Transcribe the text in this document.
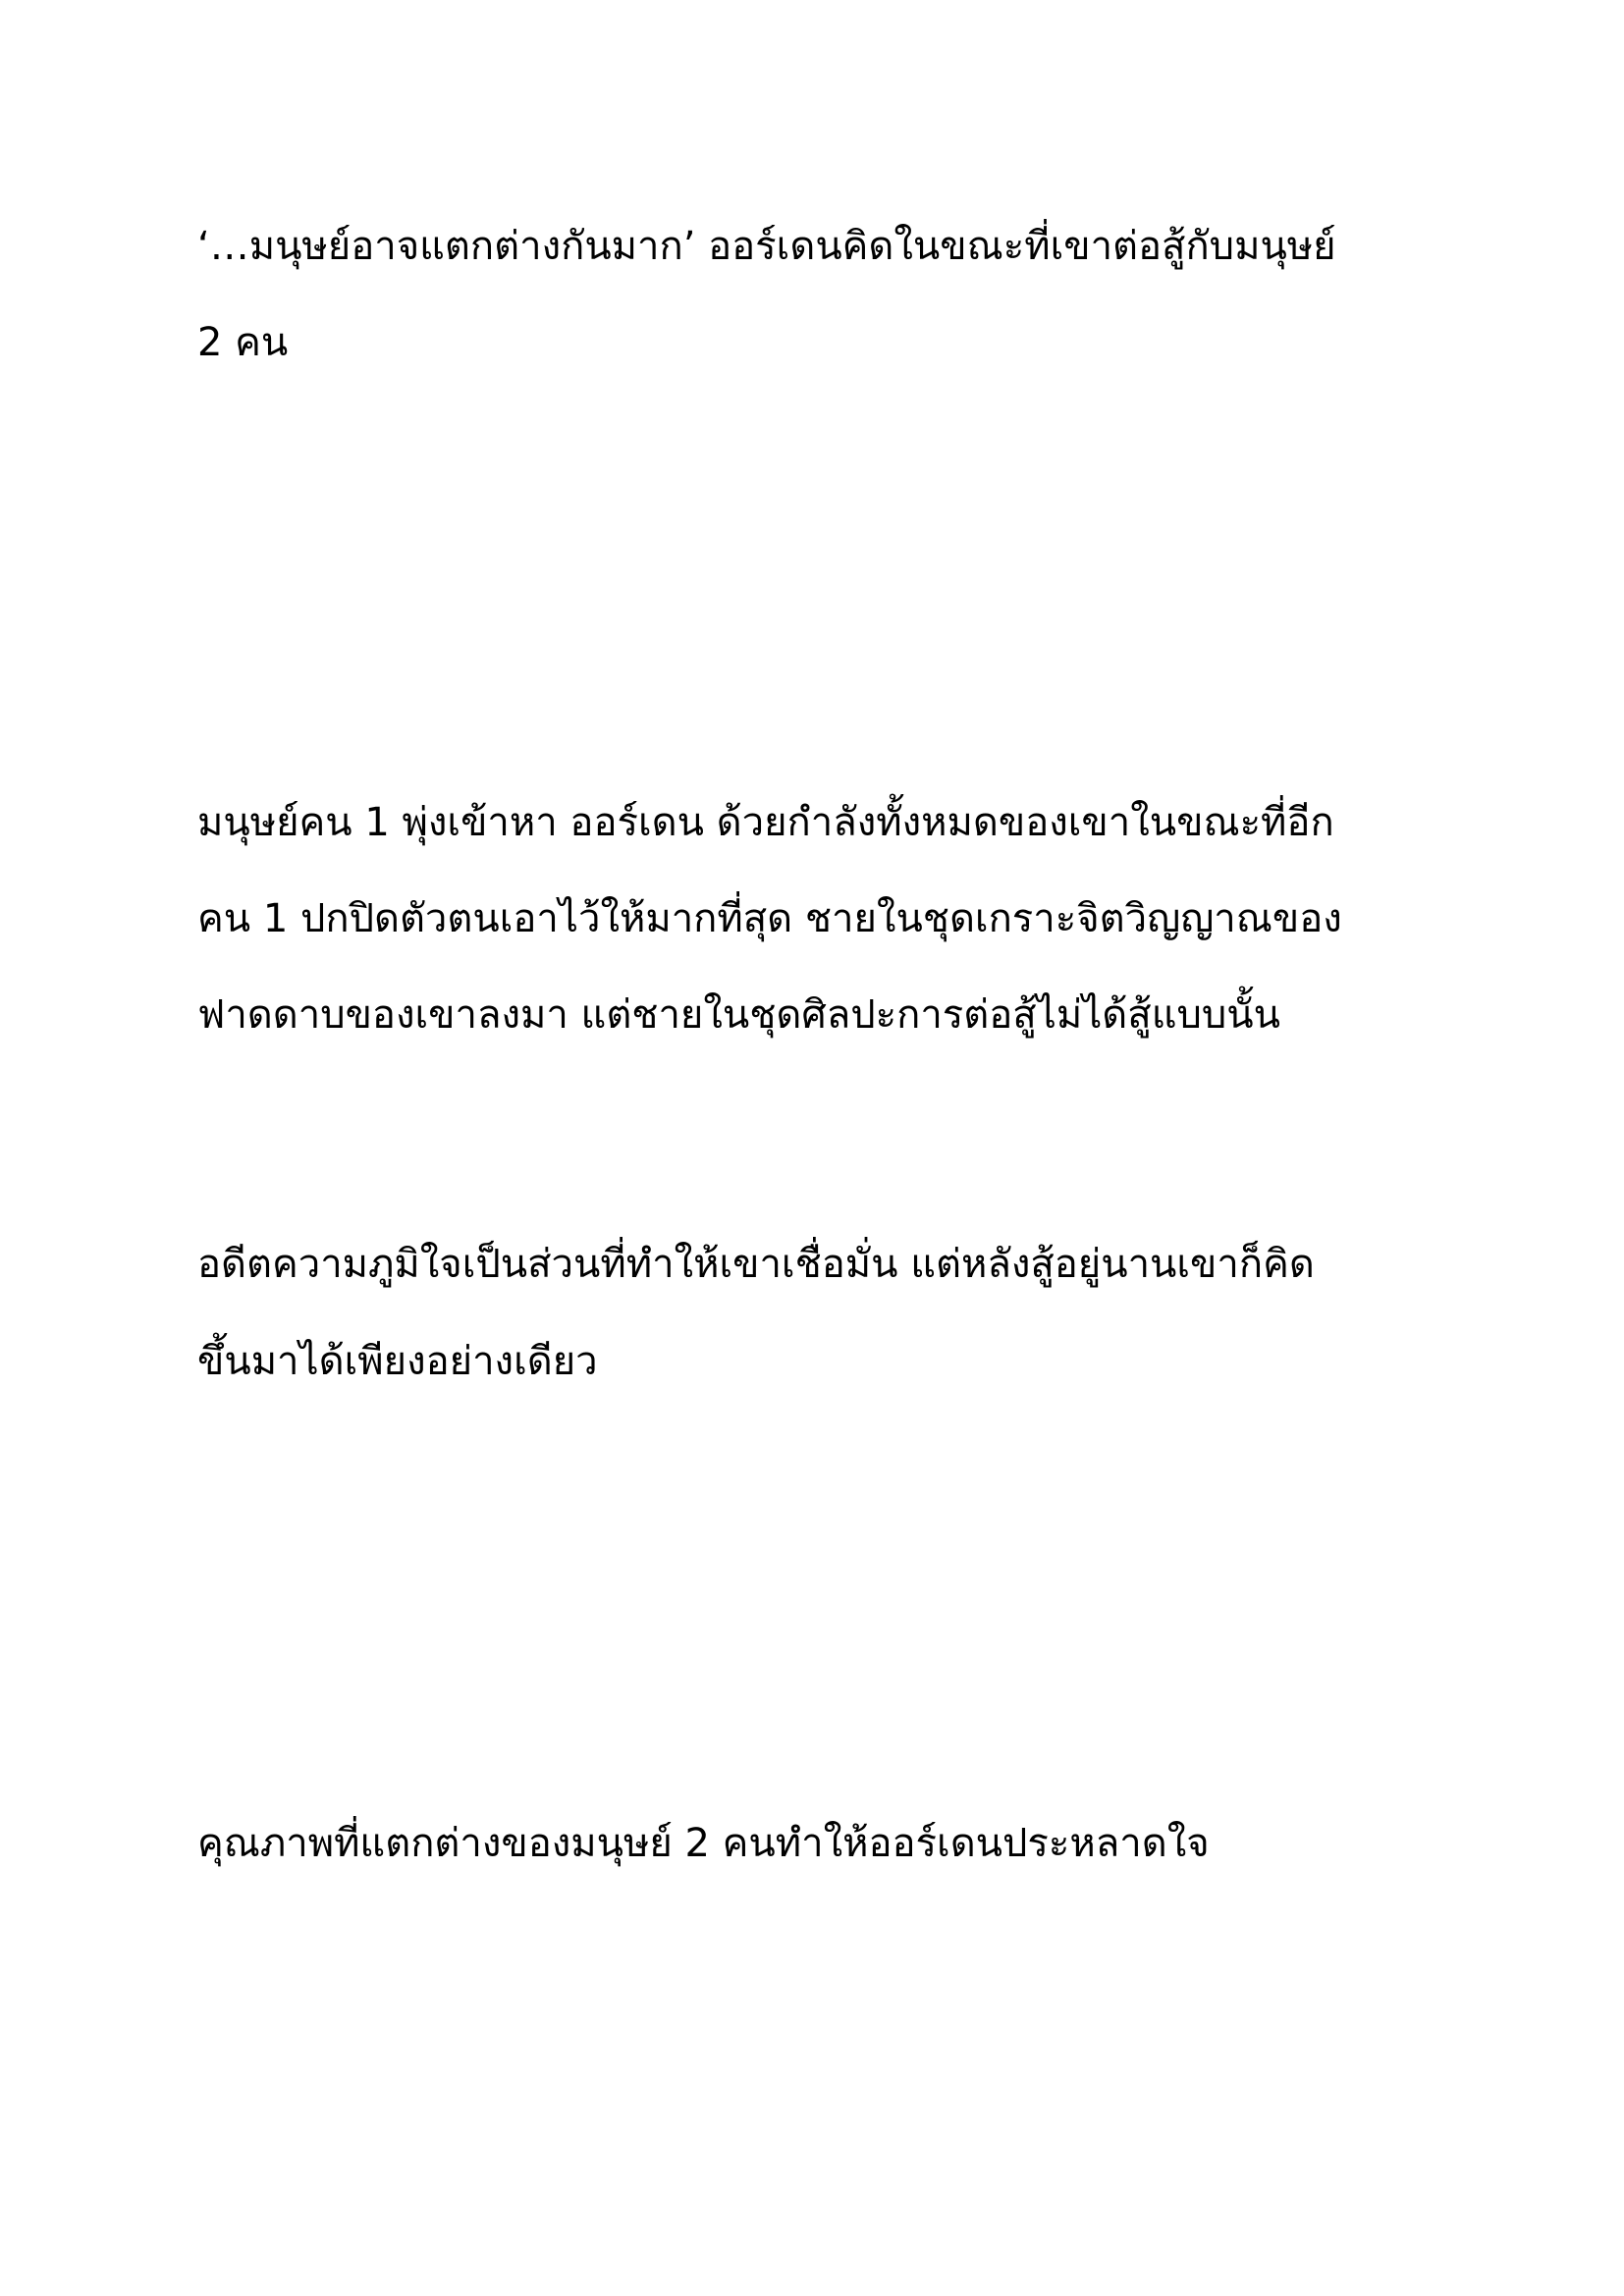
‘…มนุษย์อาจแตกต่างกันมาก’ ออร์เดนคิดในขณะที่เขาต่อสู้กับมนุษย์

2 คน

มนุษย์คน 1 พุ่งเข้าหา ออร์เดน ด้วยกำลังทั้งหมดของเขาในขณะที่อีก

คน 1 ปกปิดตัวตนเอาไว้ให้มากที่สุด ชายในชุดเกราะจิตวิญญาณของ

ฟาดดาบของเขาลงมา แต่ชายในชุดศิลปะการต่อสู้ไม่ได้สู้แบบนั้น

อดีตความภูมิใจเป็นส่วนที่ทำให้เขาเชื่อมั่น แต่หลังสู้อยู่นานเขาก็คิด

ขึ้นมาได้เพียงอย่างเดียว

คุณภาพที่แตกต่างของมนุษย์ 2 คนทำให้ออร์เดนประหลาดใจ
